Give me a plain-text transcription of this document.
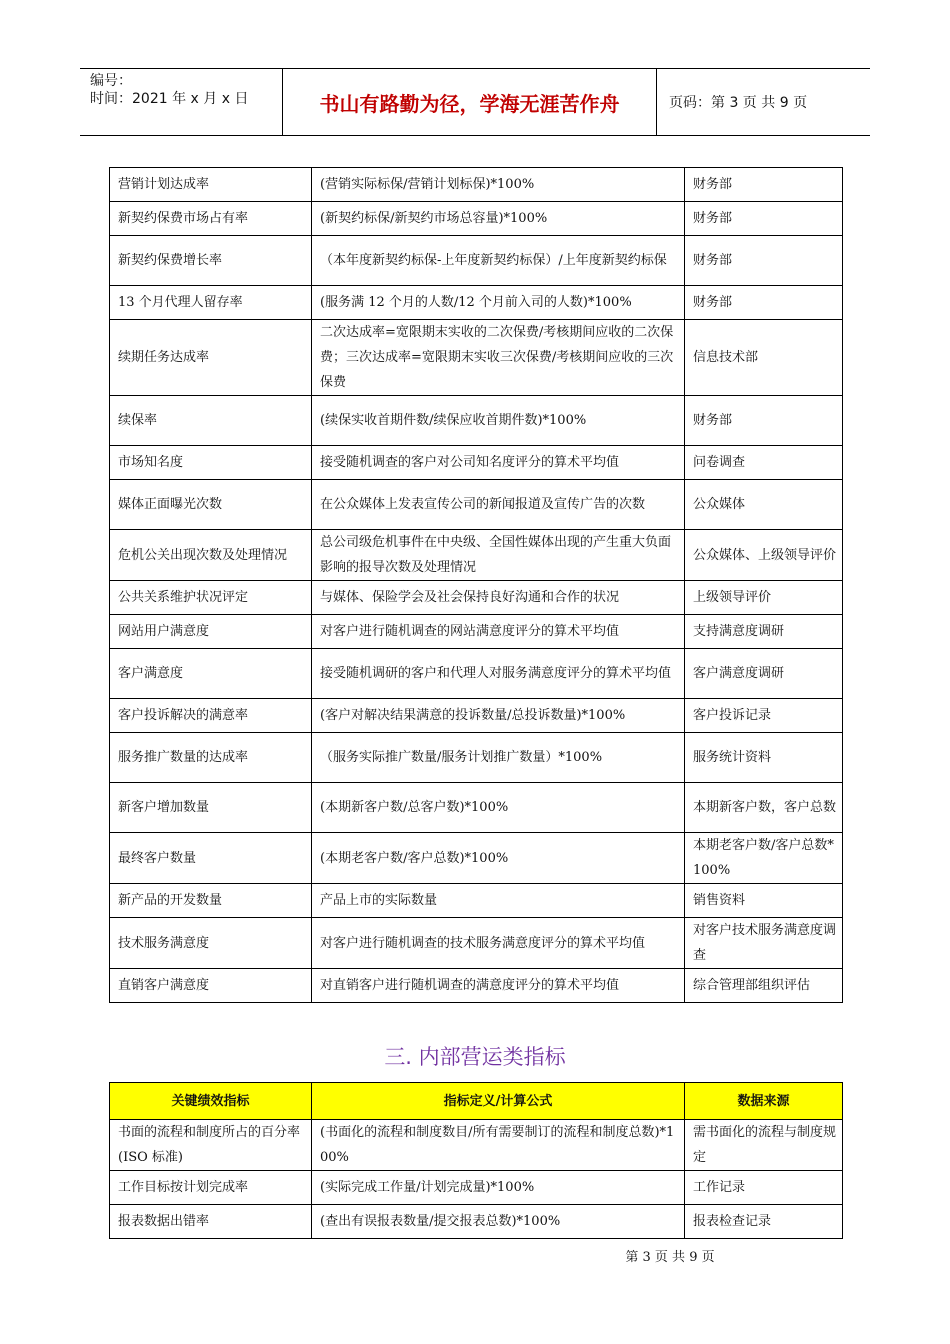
编号：
时间：2021 年 x 月 x 日	书山有路勤为径，学海无涯苦作舟	页码：第 3 页 共 9 页
营销计划达成率	(营销实际标保/营销计划标保)*100%	财务部
新契约保费市场占有率	(新契约标保/新契约市场总容量)*100%	财务部
新契约保费增长率	（本年度新契约标保-上年度新契约标保）/上年度新契约标保	财务部
13 个月代理人留存率	(服务满 12 个月的人数/12 个月前入司的人数)*100%	财务部
续期任务达成率	二次达成率=宽限期末实收的二次保费/考核期间应收的二次保费；三次达成率=宽限期末实收三次保费/考核期间应收的三次保费	信息技术部
续保率	(续保实收首期件数/续保应收首期件数)*100%	财务部
市场知名度	接受随机调查的客户对公司知名度评分的算术平均值	问卷调查
媒体正面曝光次数	在公众媒体上发表宣传公司的新闻报道及宣传广告的次数	公众媒体
危机公关出现次数及处理情况	总公司级危机事件在中央级、全国性媒体出现的产生重大负面影响的报导次数及处理情况	公众媒体、上级领导评价
公共关系维护状况评定	与媒体、保险学会及社会保持良好沟通和合作的状况	上级领导评价
网站用户满意度	对客户进行随机调查的网站满意度评分的算术平均值	支持满意度调研
客户满意度	接受随机调研的客户和代理人对服务满意度评分的算术平均值	客户满意度调研
客户投诉解决的满意率	(客户对解决结果满意的投诉数量/总投诉数量)*100%	客户投诉记录
服务推广数量的达成率	（服务实际推广数量/服务计划推广数量）*100%	服务统计资料
新客户增加数量	(本期新客户数/总客户数)*100%	本期新客户数，客户总数
最终客户数量	(本期老客户数/客户总数)*100%	本期老客户数/客户总数*100%
新产品的开发数量	产品上市的实际数量	销售资料
技术服务满意度	对客户进行随机调查的技术服务满意度评分的算术平均值	对客户技术服务满意度调查
直销客户满意度	对直销客户进行随机调查的满意度评分的算术平均值	综合管理部组织评估
三. 内部营运类指标
关键绩效指标	指标定义/计算公式	数据来源
书面的流程和制度所占的百分率(ISO 标准)	(书面化的流程和制度数目/所有需要制订的流程和制度总数)*100%	需书面化的流程与制度规定
工作目标按计划完成率	(实际完成工作量/计划完成量)*100%	工作记录
报表数据出错率	(查出有误报表数量/提交报表总数)*100%	报表检查记录
第 3 页 共 9 页
